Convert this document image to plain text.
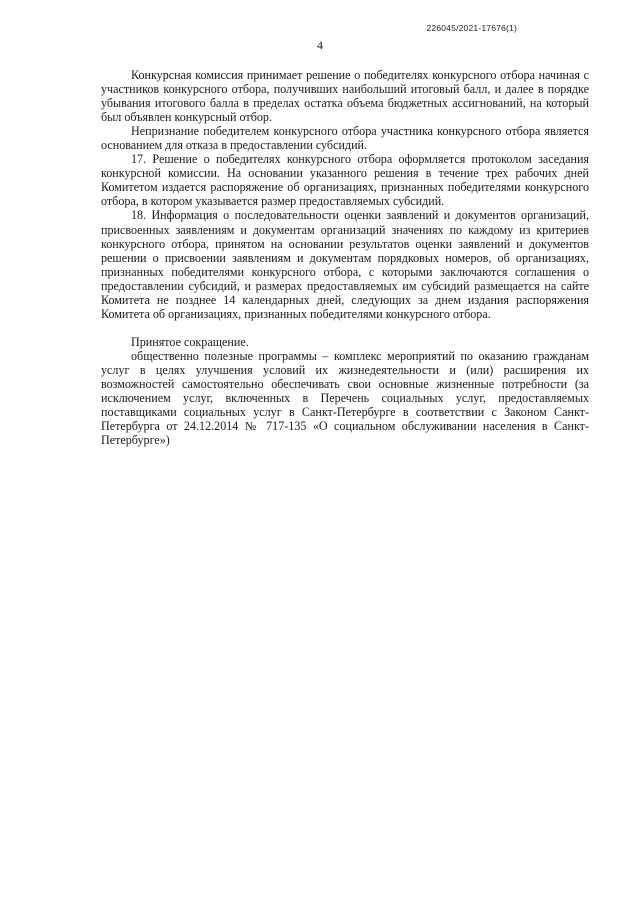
226045/2021-17676(1)
4

Конкурсная комиссия принимает решение о победителях конкурсного отбора начиная с участников конкурсного отбора, получивших наибольший итоговый балл, и далее в порядке убывания итогового балла в пределах остатка объема бюджетных ассигнований, на который был объявлен конкурсный отбор.

Непризнание победителем конкурсного отбора участника конкурсного отбора является основанием для отказа в предоставлении субсидий.

17. Решение о победителях конкурсного отбора оформляется протоколом заседания конкурсной комиссии. На основании указанного решения в течение трех рабочих дней Комитетом издается распоряжение об организациях, признанных победителями конкурсного отбора, в котором указывается размер предоставляемых субсидий.

18. Информация о последовательности оценки заявлений и документов организаций, присвоенных заявлениям и документам организаций значениях по каждому из критериев конкурсного отбора, принятом на основании результатов оценки заявлений и документов решении о присвоении заявлениям и документам порядковых номеров, об организациях, признанных победителями конкурсного отбора, с которыми заключаются соглашения о предоставлении субсидий, и размерах предоставляемых им субсидий размещается на сайте Комитета не позднее 14 календарных дней, следующих за днем издания распоряжения Комитета об организациях, признанных победителями конкурсного отбора.

Принятое сокращение.

общественно полезные программы – комплекс мероприятий по оказанию гражданам услуг в целях улучшения условий их жизнедеятельности и (или) расширения их возможностей самостоятельно обеспечивать свои основные жизненные потребности (за исключением услуг, включенных в Перечень социальных услуг, предоставляемых поставщиками социальных услуг в Санкт-Петербурге в соответствии с Законом Санкт-Петербурга от 24.12.2014 № 717-135 «О социальном обслуживании населения в Санкт-Петербурге»)
